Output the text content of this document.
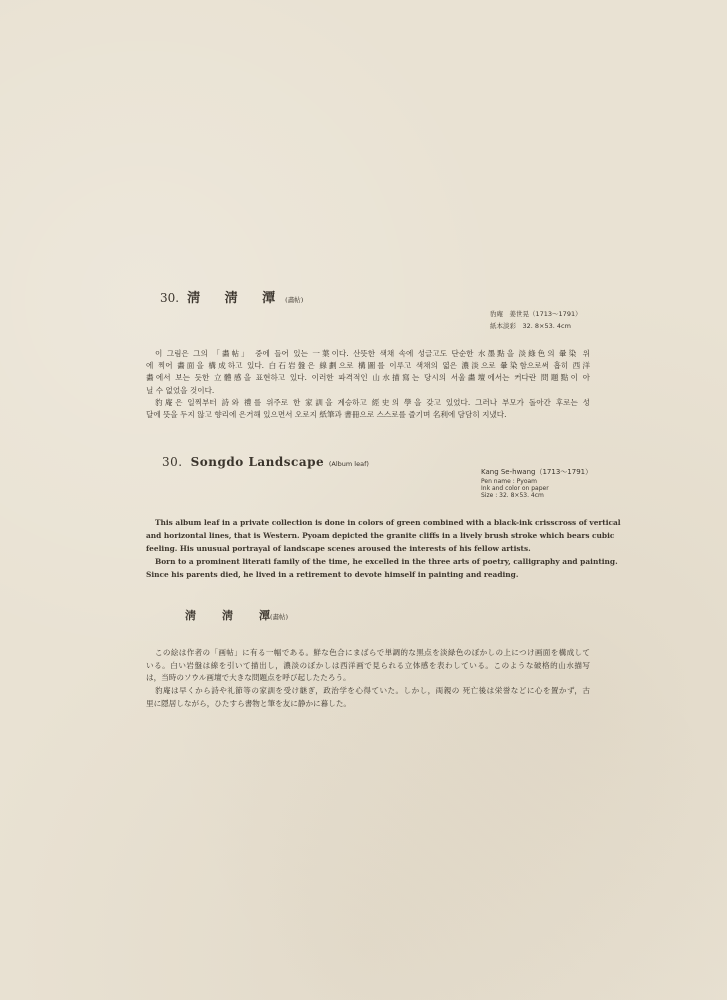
30. 淸 淸 潭(畵帖)
豹庵　姜世晃（1713～1791）
紙本淡彩　32. 8×53. 4cm
이 그림은 그의 「畵帖」 중에 들어 있는 一葉이다. 산뜻한 색채 속에 성글고도 단순한 水墨點을 淡綠色의 暈染 위
에 찍어 畵面을 構成하고 있다. 白石岩盤은 線劃으로 構圖를 이루고 색채의 엷은 濃淡으로 暈染함으로써 흡히 西洋
畵에서 보는 듯한 立體感을 표현하고 있다. 이러한 파격적인 山水描寫는 당시의 서울畵壇에서는 커다란 問題點이 아
닐 수 없었을 것이다.
豹庵은 일찍부터 詩와 禮를 위주로 한 家訓을 계승하고 經史의 學을 갖고 있었다. 그러나 부모가 돌아간 후로는 성
달에 뜻을 두지 않고 향리에 은거해 있으면서 오로지 紙筆과 書冊으로 스스로를 즐기며 名利에 담담히 지냈다.
30. Songdo Landscape (Album leaf)
Kang Se-hwang（1713～1791）
Pen name : Pyoam
Ink and color on paper
Size : 32. 8×53. 4cm
This album leaf in a private collection is done in colors of green combined with a black-ink crisscross of vertical
and horizontal lines, that is Western. Pyoam depicted the granite cliffs in a lively brush stroke which bears cubic
feeling. His unusual portrayal of landscape scenes aroused the interests of his fellow artists.
Born to a prominent literati family of the time, he excelled in the three arts of poetry, calligraphy and painting.
Since his parents died, he lived in a retirement to devote himself in painting and reading.
淸 淸 潭(畵帖)
この絵は作者の「画帖」に有る一幅である。鮮な色合にまばらで単調的な黒点を淡緑色のぼかしの上につけ画面を構成して
いる。白い岩盤は線を引いて描出し，濃淡のぼかしは西洋画で見られる立体感を表わしている。このような破格的山水描写
は，当時のソウル画壇で大きな問題点を呼び起したたろう。
豹庵は早くから詩や礼節等の家訓を受け継ぎ，政治学を心得ていた。しかし，両親の 死亡後は栄誉などに心を置かず，古
里に隠居しながら，ひたすら書物と筆を友に静かに暮した。
